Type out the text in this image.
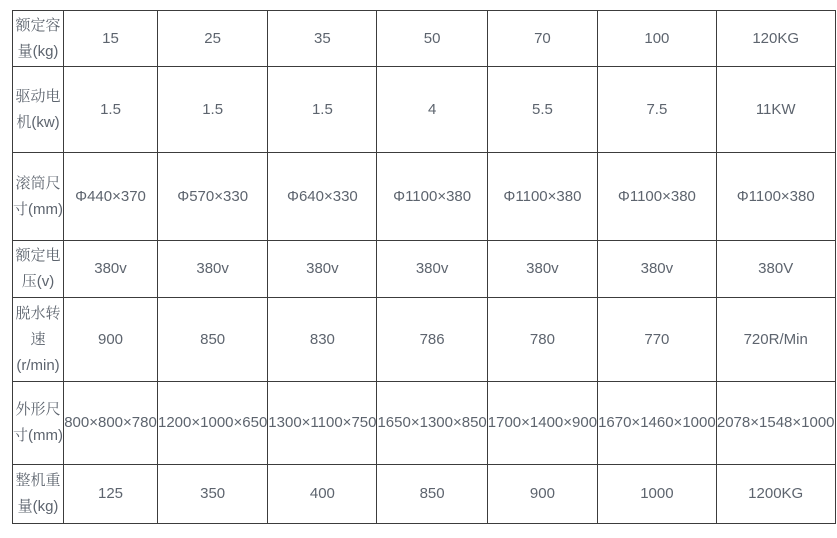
额定容量(kg)	15	25	35	50	70	100	120KG
驱动电机(kw)	1.5	1.5	1.5	4	5.5	7.5	11KW
滚筒尺寸(mm)	Φ440×370	Φ570×330	Φ640×330	Φ1100×380	Φ1100×380	Φ1100×380	Φ1100×380
额定电压(v)	380v	380v	380v	380v	380v	380v	380V
脱水转速(r/min)	900	850	830	786	780	770	720R/Min
外形尺寸(mm)	800×800×780	1200×1000×650	1300×1100×750	1650×1300×850	1700×1400×900	1670×1460×1000	2078×1548×1000
整机重量(kg)	125	350	400	850	900	1000	1200KG
